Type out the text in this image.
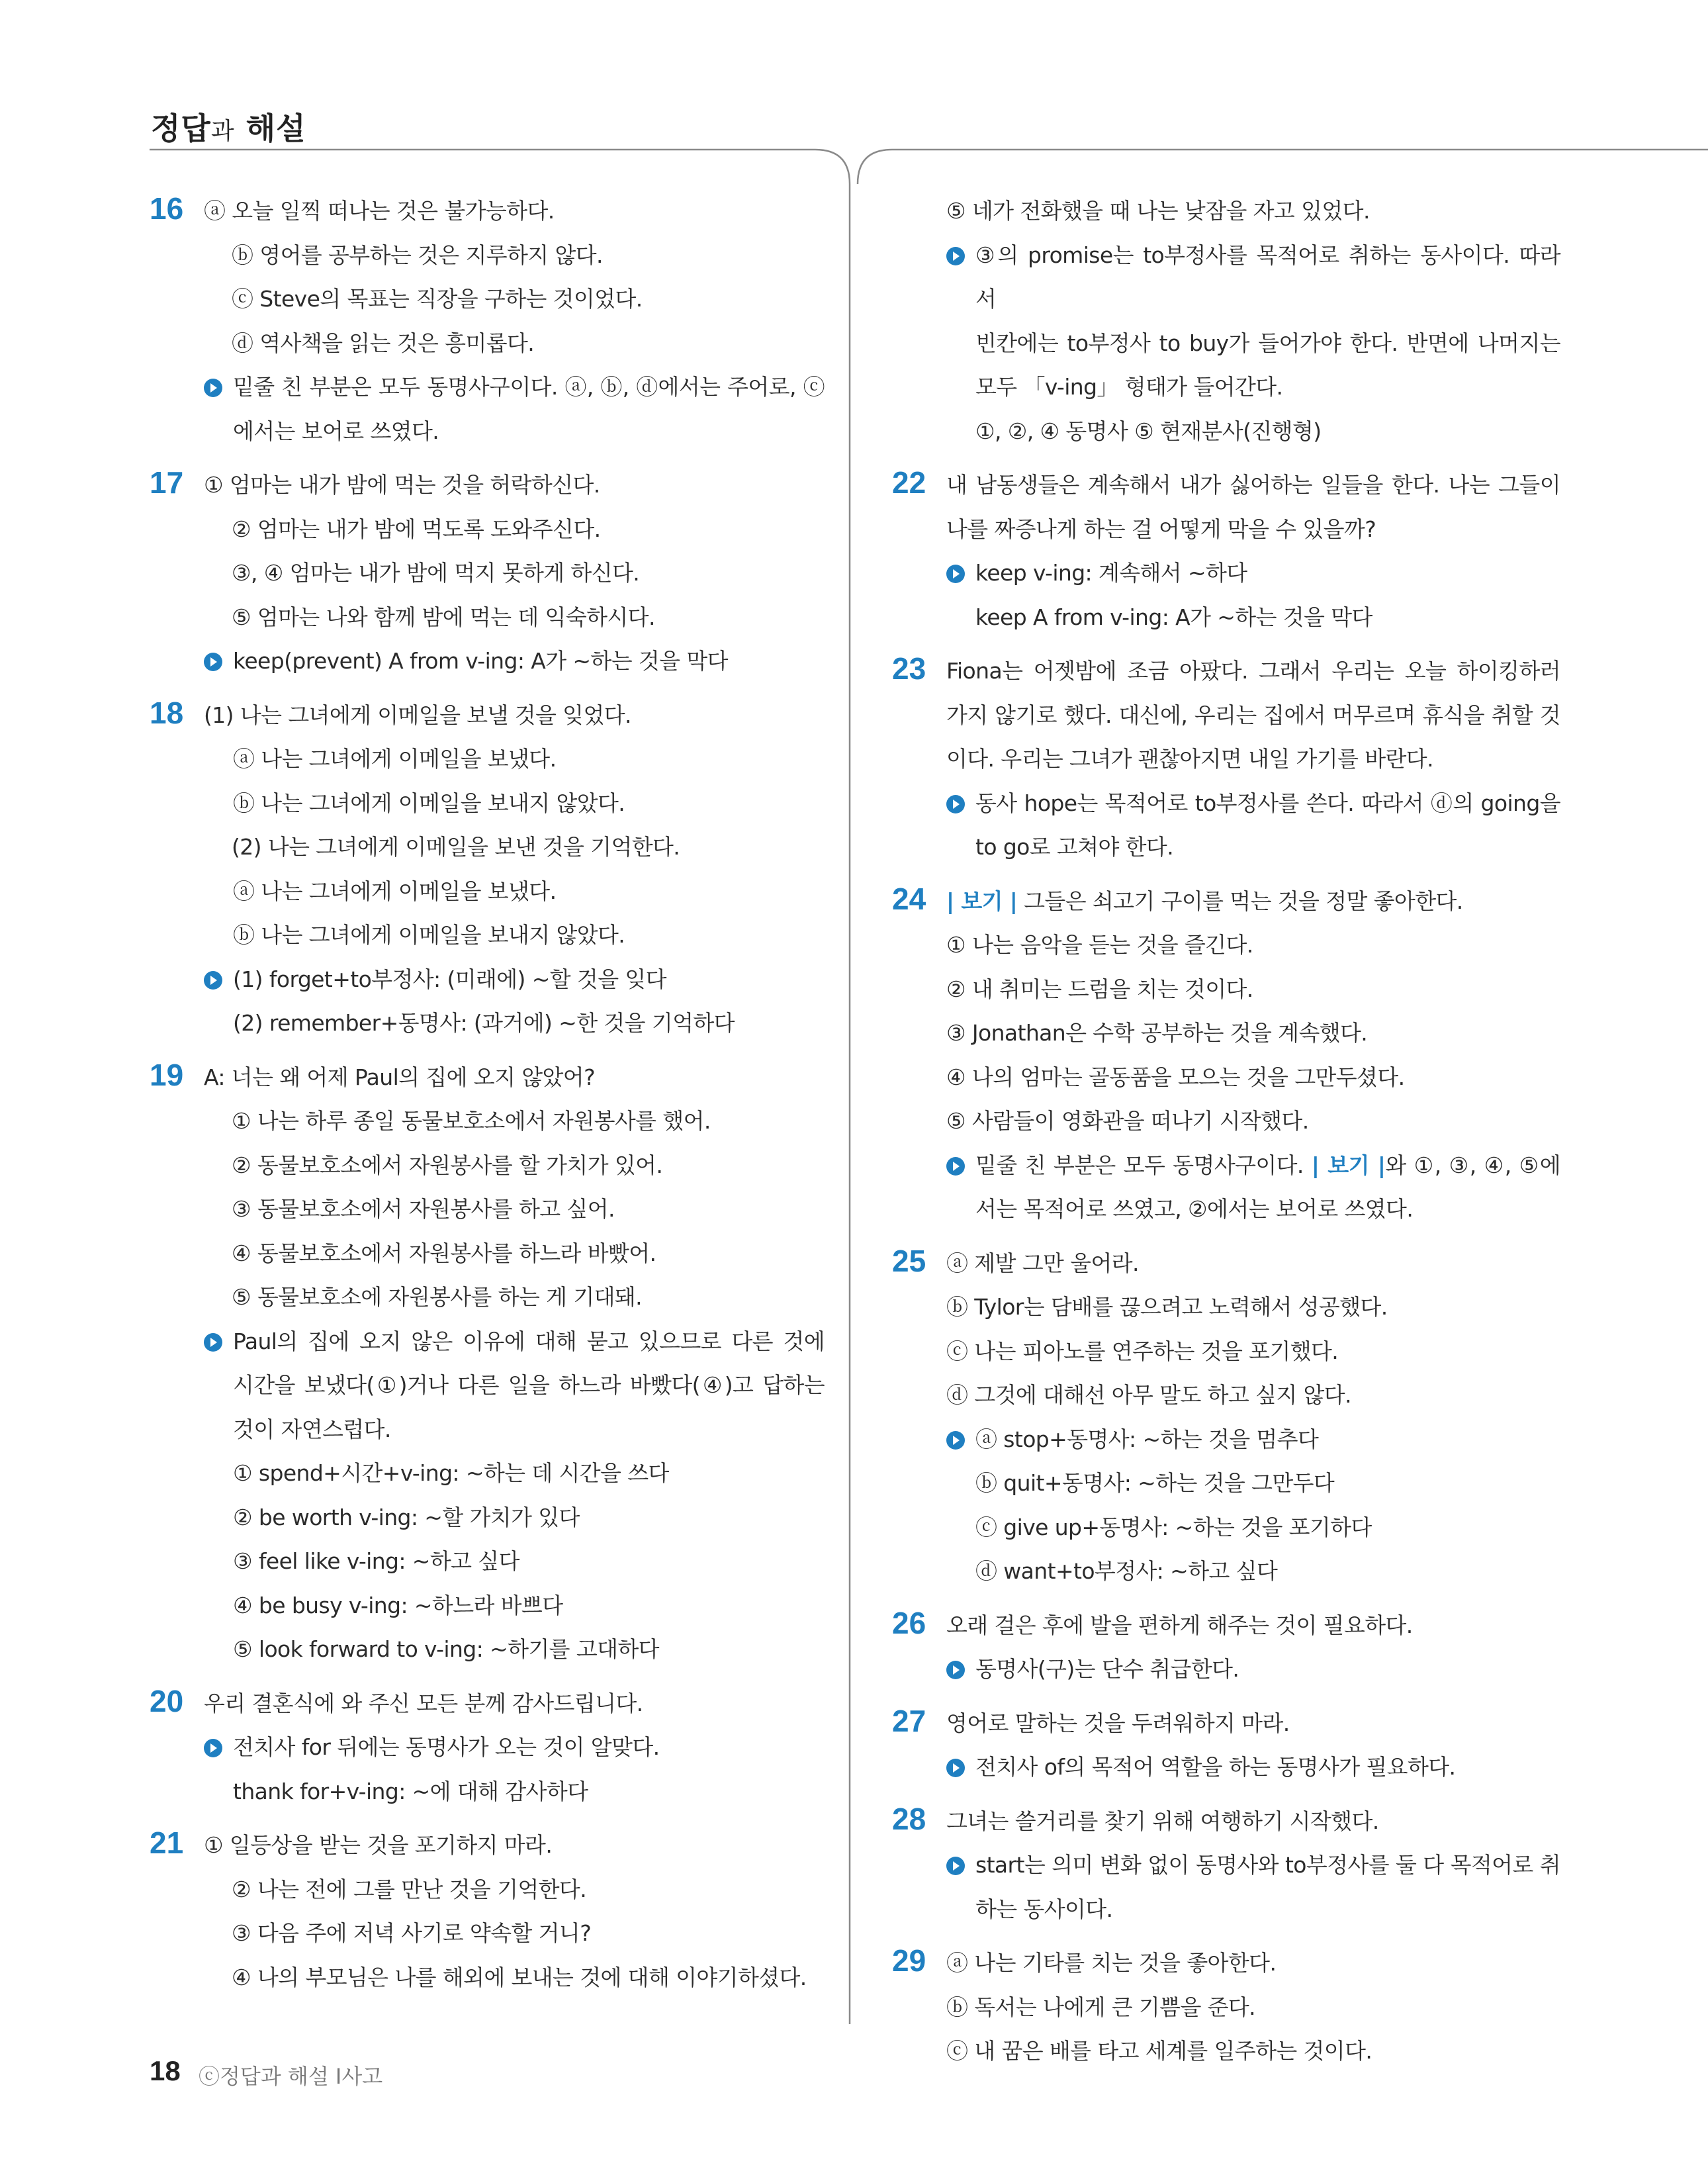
정답과 해설
16 ⓐ 오늘 일찍 떠나는 것은 불가능하다.
ⓑ 영어를 공부하는 것은 지루하지 않다.
ⓒ Steve의 목표는 직장을 구하는 것이었다.
ⓓ 역사책을 읽는 것은 흥미롭다.
밑줄 친 부분은 모두 동명사구이다. ⓐ, ⓑ, ⓓ에서는 주어로, ⓒ
에서는 보어로 쓰였다.
17 ① 엄마는 내가 밤에 먹는 것을 허락하신다.
② 엄마는 내가 밤에 먹도록 도와주신다.
③, ④ 엄마는 내가 밤에 먹지 못하게 하신다.
⑤ 엄마는 나와 함께 밤에 먹는 데 익숙하시다.
keep(prevent) A from v-ing: A가 ~하는 것을 막다
18 (1) 나는 그녀에게 이메일을 보낼 것을 잊었다.
ⓐ 나는 그녀에게 이메일을 보냈다.
ⓑ 나는 그녀에게 이메일을 보내지 않았다.
(2) 나는 그녀에게 이메일을 보낸 것을 기억한다.
ⓐ 나는 그녀에게 이메일을 보냈다.
ⓑ 나는 그녀에게 이메일을 보내지 않았다.
(1) forget+to부정사: (미래에) ~할 것을 잊다
(2) remember+동명사: (과거에) ~한 것을 기억하다
19 A: 너는 왜 어제 Paul의 집에 오지 않았어?
① 나는 하루 종일 동물보호소에서 자원봉사를 했어.
② 동물보호소에서 자원봉사를 할 가치가 있어.
③ 동물보호소에서 자원봉사를 하고 싶어.
④ 동물보호소에서 자원봉사를 하느라 바빴어.
⑤ 동물보호소에 자원봉사를 하는 게 기대돼.
Paul의 집에 오지 않은 이유에 대해 묻고 있으므로 다른 것에
시간을 보냈다(①)거나 다른 일을 하느라 바빴다(④)고 답하는
것이 자연스럽다.
① spend+시간+v-ing: ~하는 데 시간을 쓰다
② be worth v-ing: ~할 가치가 있다
③ feel like v-ing: ~하고 싶다
④ be busy v-ing: ~하느라 바쁘다
⑤ look forward to v-ing: ~하기를 고대하다
20 우리 결혼식에 와 주신 모든 분께 감사드립니다.
전치사 for 뒤에는 동명사가 오는 것이 알맞다.
thank for+v-ing: ~에 대해 감사하다
21 ① 일등상을 받는 것을 포기하지 마라.
② 나는 전에 그를 만난 것을 기억한다.
③ 다음 주에 저녁 사기로 약속할 거니?
④ 나의 부모님은 나를 해외에 보내는 것에 대해 이야기하셨다.
⑤ 네가 전화했을 때 나는 낮잠을 자고 있었다.
③의 promise는 to부정사를 목적어로 취하는 동사이다. 따라서
빈칸에는 to부정사 to buy가 들어가야 한다. 반면에 나머지는
모두 「v-ing」 형태가 들어간다.
①, ②, ④ 동명사 ⑤ 현재분사(진행형)
22 내 남동생들은 계속해서 내가 싫어하는 일들을 한다. 나는 그들이
나를 짜증나게 하는 걸 어떻게 막을 수 있을까?
keep v-ing: 계속해서 ~하다
keep A from v-ing: A가 ~하는 것을 막다
23 Fiona는 어젯밤에 조금 아팠다. 그래서 우리는 오늘 하이킹하러
가지 않기로 했다. 대신에, 우리는 집에서 머무르며 휴식을 취할 것
이다. 우리는 그녀가 괜찮아지면 내일 가기를 바란다.
동사 hope는 목적어로 to부정사를 쓴다. 따라서 ⓓ의 going을
to go로 고쳐야 한다.
24 | 보기 | 그들은 쇠고기 구이를 먹는 것을 정말 좋아한다.
① 나는 음악을 듣는 것을 즐긴다.
② 내 취미는 드럼을 치는 것이다.
③ Jonathan은 수학 공부하는 것을 계속했다.
④ 나의 엄마는 골동품을 모으는 것을 그만두셨다.
⑤ 사람들이 영화관을 떠나기 시작했다.
밑줄 친 부분은 모두 동명사구이다. | 보기 |와 ①, ③, ④, ⑤에
서는 목적어로 쓰였고, ②에서는 보어로 쓰였다.
25 ⓐ 제발 그만 울어라.
ⓑ Tylor는 담배를 끊으려고 노력해서 성공했다.
ⓒ 나는 피아노를 연주하는 것을 포기했다.
ⓓ 그것에 대해선 아무 말도 하고 싶지 않다.
ⓐ stop+동명사: ~하는 것을 멈추다
ⓑ quit+동명사: ~하는 것을 그만두다
ⓒ give up+동명사: ~하는 것을 포기하다
ⓓ want+to부정사: ~하고 싶다
26 오래 걸은 후에 발을 편하게 해주는 것이 필요하다.
동명사(구)는 단수 취급한다.
27 영어로 말하는 것을 두려워하지 마라.
전치사 of의 목적어 역할을 하는 동명사가 필요하다.
28 그녀는 쓸거리를 찾기 위해 여행하기 시작했다.
start는 의미 변화 없이 동명사와 to부정사를 둘 다 목적어로 취
하는 동사이다.
29 ⓐ 나는 기타를 치는 것을 좋아한다.
ⓑ 독서는 나에게 큰 기쁨을 준다.
ⓒ 내 꿈은 배를 타고 세계를 일주하는 것이다.
18 ⓒ정답과 해설 I사고
